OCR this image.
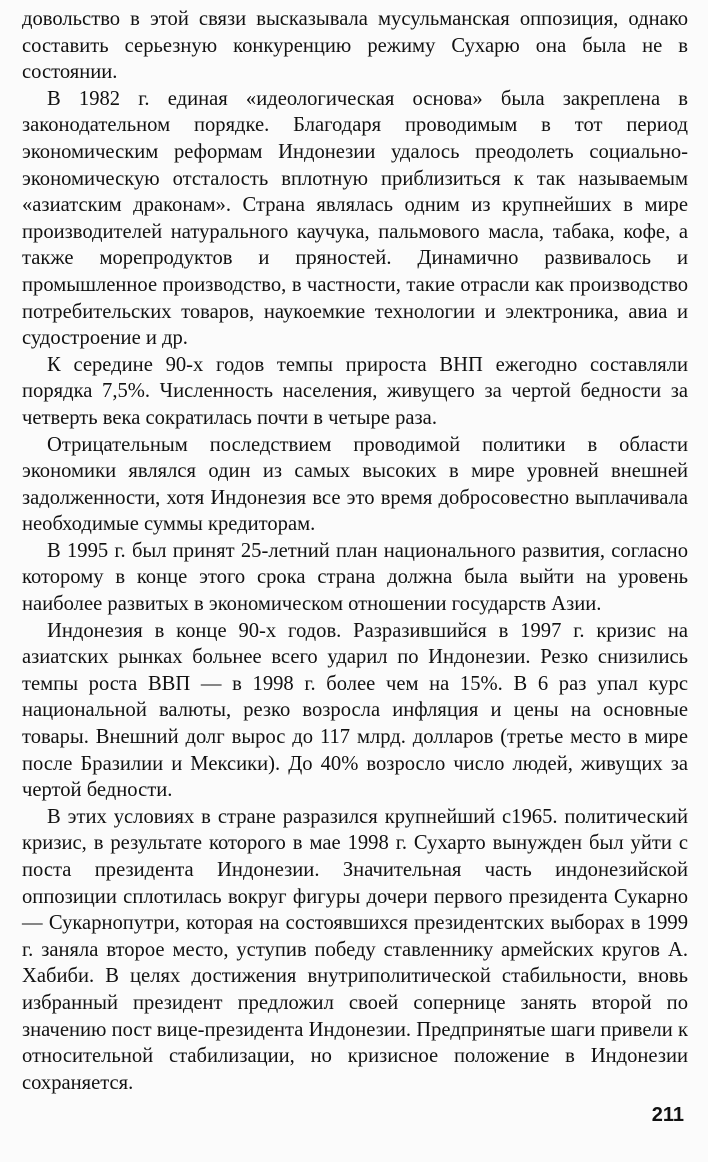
довольство в этой связи высказывала мусульманская оппозиция, однако составить серьезную конкуренцию режиму Сухарю она была не в состоянии.

В 1982 г. единая «идеологическая основа» была закреплена в законодательном порядке. Благодаря проводимым в тот период экономическим реформам Индонезии удалось преодолеть социально-экономическую отсталость вплотную приблизиться к так называемым «азиатским драконам». Страна являлась одним из крупнейших в мире производителей натурального каучука, пальмового масла, табака, кофе, а также морепродуктов и пряностей. Динамично развивалось и промышленное производство, в частности, такие отрасли как производство потребительских товаров, наукоемкие технологии и электроника, авиа и судостроение и др.

К середине 90-х годов темпы прироста ВНП ежегодно составляли порядка 7,5%. Численность населения, живущего за чертой бедности за четверть века сократилась почти в четыре раза.

Отрицательным последствием проводимой политики в области экономики являлся один из самых высоких в мире уровней внешней задолженности, хотя Индонезия все это время добросовестно выплачивала необходимые суммы кредиторам.

В 1995 г. был принят 25-летний план национального развития, согласно которому в конце этого срока страна должна была выйти на уровень наиболее развитых в экономическом отношении государств Азии.

Индонезия в конце 90-х годов. Разразившийся в 1997 г. кризис на азиатских рынках больнее всего ударил по Индонезии. Резко снизились темпы роста ВВП — в 1998 г. более чем на 15%. В 6 раз упал курс национальной валюты, резко возросла инфляция и цены на основные товары. Внешний долг вырос до 117 млрд. долларов (третье место в мире после Бразилии и Мексики). До 40% возросло число людей, живущих за чертой бедности.

В этих условиях в стране разразился крупнейший с1965. политический кризис, в результате которого в мае 1998 г. Сухарто вынужден был уйти с поста президента Индонезии. Значительная часть индонезийской оппозиции сплотилась вокруг фигуры дочери первого президента Сукарно — Сукарнопутри, которая на состоявшихся президентских выборах в 1999 г. заняла второе место, уступив победу ставленнику армейских кругов А. Хабиби. В целях достижения внутриполитической стабильности, вновь избранный президент предложил своей сопернице занять второй по значению пост вице-президента Индонезии. Предпринятые шаги привели к относительной стабилизации, но кризисное положение в Индонезии сохраняется.

211
